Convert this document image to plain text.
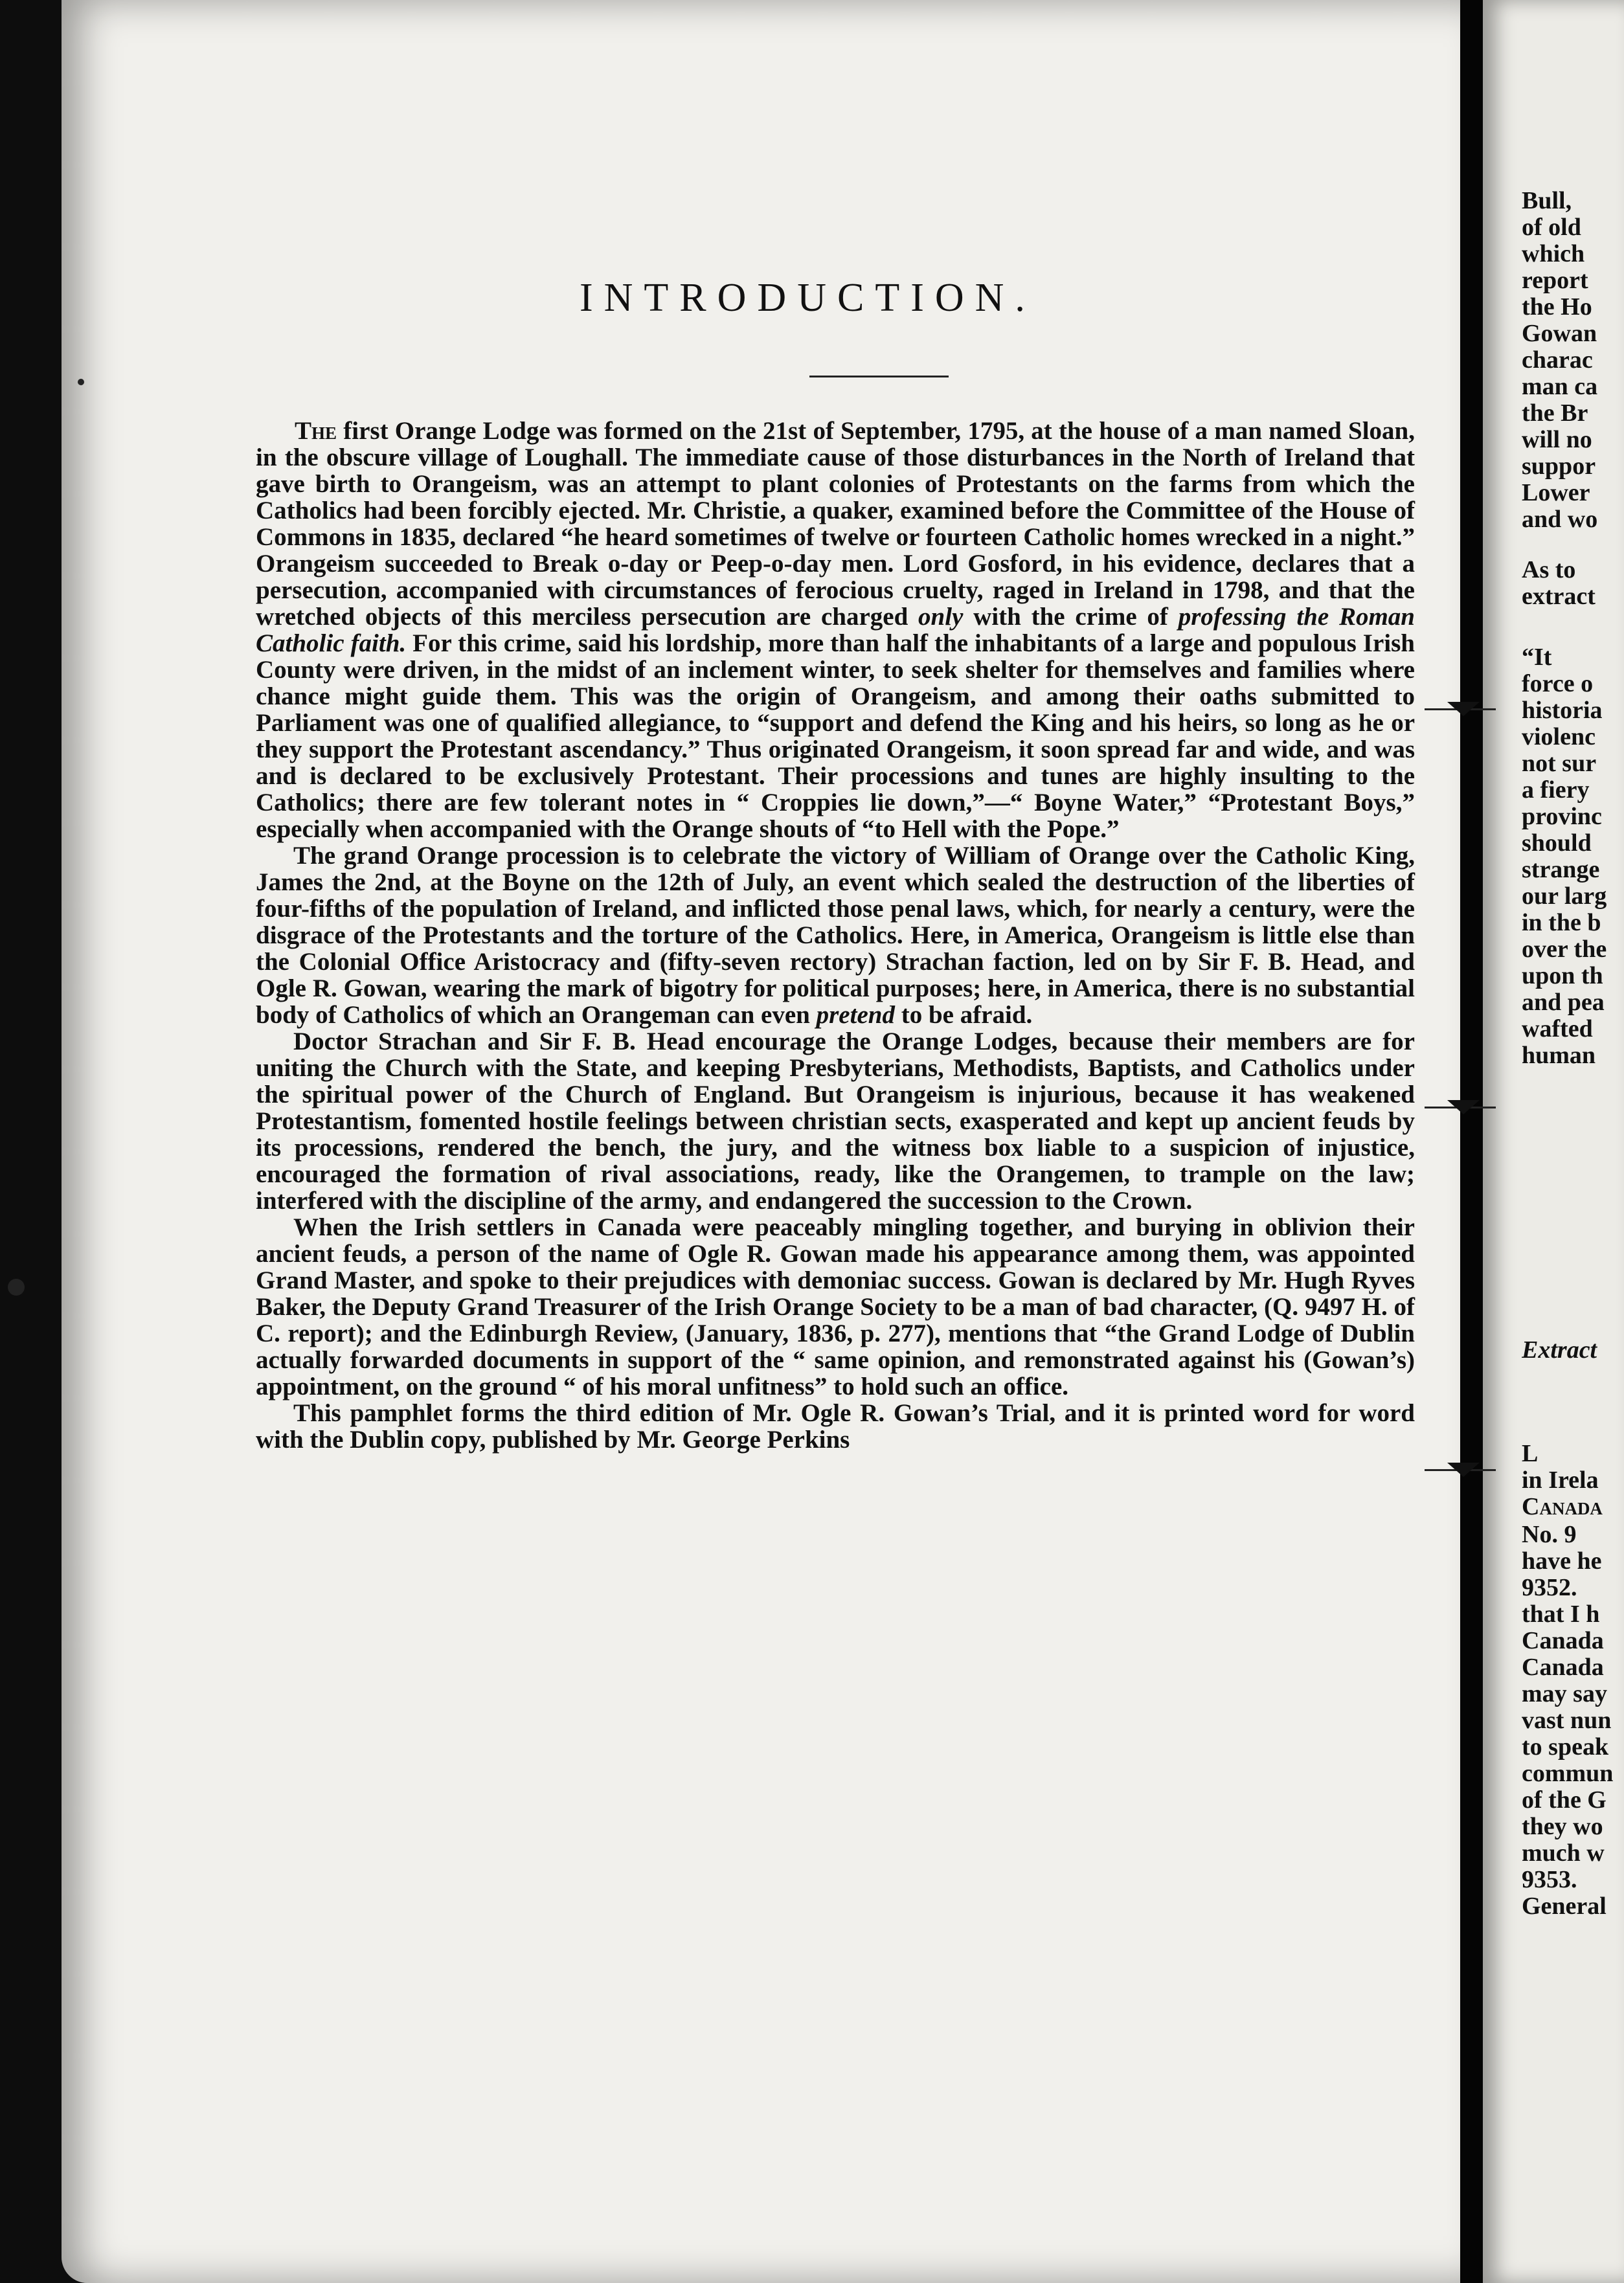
INTRODUCTION.

The first Orange Lodge was formed on the 21st of September, 1795, at the house of a man named Sloan, in the obscure village of Loughall. The immediate cause of those disturbances in the North of Ireland that gave birth to Orangeism, was an attempt to plant colonies of Protestants on the farms from which the Catholics had been forcibly ejected. Mr. Christie, a quaker, examined before the Committee of the House of Commons in 1835, declared “he heard sometimes of twelve or fourteen Catholic homes wrecked in a night.” Orangeism succeeded to Break o-day or Peep-o-day men. Lord Gosford, in his evidence, declares that a persecution, accompanied with circumstances of ferocious cruelty, raged in Ireland in 1798, and that the wretched objects of this merciless persecution are charged only with the crime of professing the Roman Catholic faith. For this crime, said his lordship, more than half the inhabitants of a large and populous Irish County were driven, in the midst of an inclement winter, to seek shelter for themselves and families where chance might guide them. This was the origin of Orangeism, and among their oaths submitted to Parliament was one of qualified allegiance, to “support and defend the King and his heirs, so long as he or they support the Protestant ascendancy.” Thus originated Orangeism, it soon spread far and wide, and was and is declared to be exclusively Protestant. Their processions and tunes are highly insulting to the Catholics; there are few tolerant notes in “ Croppies lie down,”—“ Boyne Water,” “Protestant Boys,” especially when accompanied with the Orange shouts of “to Hell with the Pope.”

The grand Orange procession is to celebrate the victory of William of Orange over the Catholic King, James the 2nd, at the Boyne on the 12th of July, an event which sealed the destruction of the liberties of four-fifths of the population of Ireland, and inflicted those penal laws, which, for nearly a century, were the disgrace of the Protestants and the torture of the Catholics. Here, in America, Orangeism is little else than the Colonial Office Aristocracy and (fifty-seven rectory) Strachan faction, led on by Sir F. B. Head, and Ogle R. Gowan, wearing the mark of bigotry for political purposes; here, in America, there is no substantial body of Catholics of which an Orangeman can even pretend to be afraid.

Doctor Strachan and Sir F. B. Head encourage the Orange Lodges, because their members are for uniting the Church with the State, and keeping Presbyterians, Methodists, Baptists, and Catholics under the spiritual power of the Church of England. But Orangeism is injurious, because it has weakened Protestantism, fomented hostile feelings between christian sects, exasperated and kept up ancient feuds by its processions, rendered the bench, the jury, and the witness box liable to a suspicion of injustice, encouraged the formation of rival associations, ready, like the Orangemen, to trample on the law; interfered with the discipline of the army, and endangered the succession to the Crown.

When the Irish settlers in Canada were peaceably mingling together, and burying in oblivion their ancient feuds, a person of the name of Ogle R. Gowan made his appearance among them, was appointed Grand Master, and spoke to their prejudices with demoniac success. Gowan is declared by Mr. Hugh Ryves Baker, the Deputy Grand Treasurer of the Irish Orange Society to be a man of bad character, (Q. 9497 H. of C. report); and the Edinburgh Review, (January, 1836, p. 277), mentions that “the Grand Lodge of Dublin actually forwarded documents in support of the “ same opinion, and remonstrated against his (Gowan’s) appointment, on the ground “ of his moral unfitness” to hold such an office.

This pamphlet forms the third edition of Mr. Ogle R. Gowan’s Trial, and it is printed word for word with the Dublin copy, published by Mr. George Perkins

Bull,
of old
which
report
the Ho
Gowan
charac
man ca
the Br
will no
suppor
Lower
and wo
As to
extract
“It
force o
historia
violenc
not sur
a fiery
provinc
should
strange
our larg
in the b
over the
upon th
and pea
wafted
human
Extract
L
in Irela
Canada
No. 9
have he
9352.
that I h
Canada
Canada
may say
vast nun
to speak
commun
of the G
they wo
much w
9353.
General
